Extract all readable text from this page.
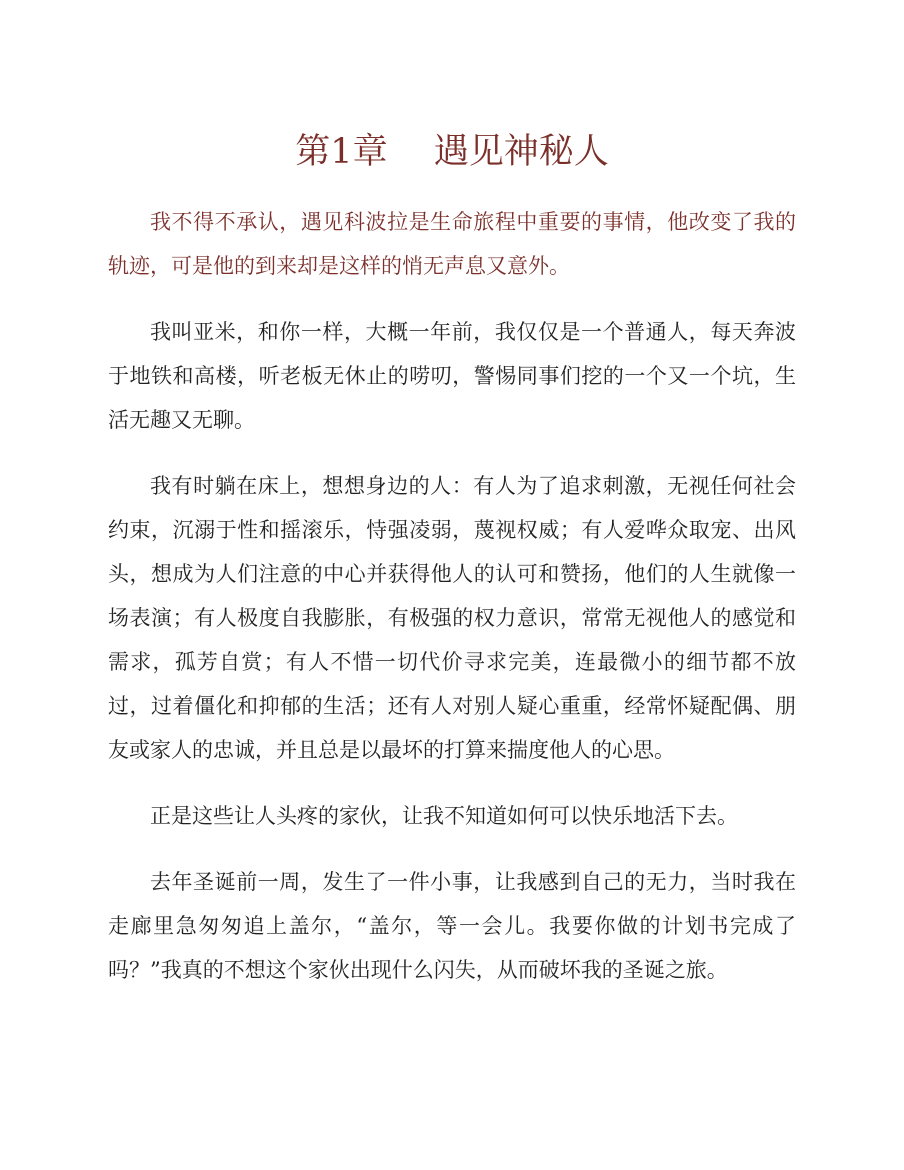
第1章　 遇见神秘人

我不得不承认，遇见科波拉是生命旅程中重要的事情，他改变了我的轨迹，可是他的到来却是这样的悄无声息又意外。

我叫亚米，和你一样，大概一年前，我仅仅是一个普通人，每天奔波于地铁和高楼，听老板无休止的唠叨，警惕同事们挖的一个又一个坑，生活无趣又无聊。

我有时躺在床上，想想身边的人：有人为了追求刺激，无视任何社会约束，沉溺于性和摇滚乐，恃强凌弱，蔑视权威；有人爱哗众取宠、出风头，想成为人们注意的中心并获得他人的认可和赞扬，他们的人生就像一场表演；有人极度自我膨胀，有极强的权力意识，常常无视他人的感觉和需求，孤芳自赏；有人不惜一切代价寻求完美，连最微小的细节都不放过，过着僵化和抑郁的生活；还有人对别人疑心重重，经常怀疑配偶、朋友或家人的忠诚，并且总是以最坏的打算来揣度他人的心思。

正是这些让人头疼的家伙，让我不知道如何可以快乐地活下去。

去年圣诞前一周，发生了一件小事，让我感到自己的无力，当时我在走廊里急匆匆追上盖尔，“盖尔，等一会儿。我要你做的计划书完成了吗？”我真的不想这个家伙出现什么闪失，从而破坏我的圣诞之旅。
